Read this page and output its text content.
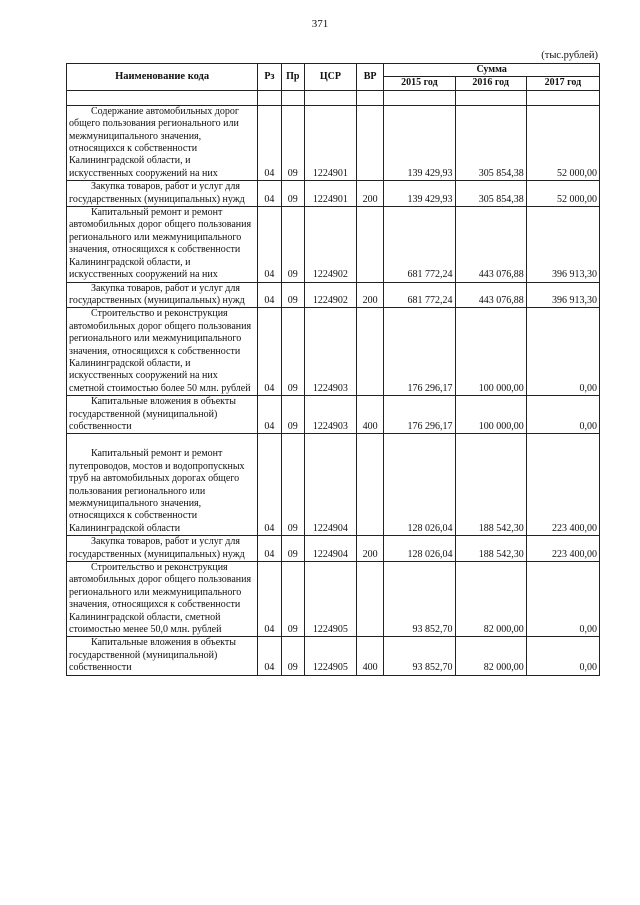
371
(тыс.рублей)
Наименование кода	Рз	Пр	ЦСР	ВР	Сумма		
					2015 год	2016 год	2017 год

Содержание автомобильных дорог общего пользования регионального или межмуниципального значения, относящихся к собственности Калининградской области, и искусственных сооружений на них	04	09	1224901		139 429,93	305 854,38	52 000,00

Закупка товаров, работ и услуг для государственных (муниципальных) нужд	04	09	1224901	200	139 429,93	305 854,38	52 000,00

Капитальный ремонт и ремонт автомобильных дорог общего пользования регионального или межмуниципального значения, относящихся к собственности Калининградской области, и искусственных сооружений на них	04	09	1224902		681 772,24	443 076,88	396 913,30

Закупка товаров, работ и услуг для государственных (муниципальных) нужд	04	09	1224902	200	681 772,24	443 076,88	396 913,30

Строительство и реконструкция автомобильных дорог общего пользования регионального или межмуниципального значения, относящихся к собственности Калининградской области, и искусственных сооружений на них сметной стоимостью более 50 млн. рублей	04	09	1224903		176 296,17	100 000,00	0,00

Капитальные вложения в объекты государственной (муниципальной) собственности	04	09	1224903	400	176 296,17	100 000,00	0,00

Капитальный ремонт и ремонт путепроводов, мостов и водопропускных труб на автомобильных дорогах общего пользования регионального или межмуниципального значения, относящихся к собственности Калининградской области	04	09	1224904		128 026,04	188 542,30	223 400,00

Закупка товаров, работ и услуг для государственных (муниципальных) нужд	04	09	1224904	200	128 026,04	188 542,30	223 400,00

Строительство и реконструкция автомобильных дорог общего пользования регионального или межмуниципального значения, относящихся к собственности Калининградской области, сметной стоимостью менее 50,0 млн. рублей	04	09	1224905		93 852,70	82 000,00	0,00

Капитальные вложения в объекты государственной (муниципальной) собственности	04	09	1224905	400	93 852,70	82 000,00	0,00
